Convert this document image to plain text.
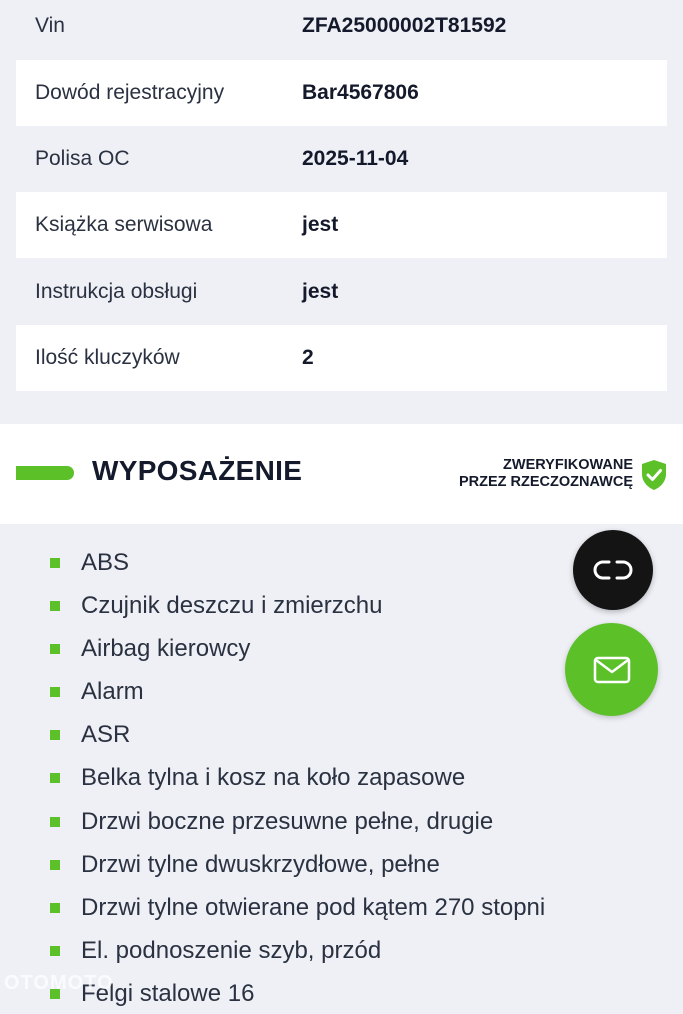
Vin	ZFA25000002T81592
Dowód rejestracyjny	Bar4567806
Polisa OC	2025-11-04
Książka serwisowa	jest
Instrukcja obsługi	jest
Ilość kluczyków	2
WYPOSAŻENIE	ZWERYFIKOWANE
PRZEZ RZECZOZNAWCĘ
ABS
Czujnik deszczu i zmierzchu
Airbag kierowcy
Alarm
ASR
Belka tylna i kosz na koło zapasowe
Drzwi boczne przesuwne pełne, drugie
Drzwi tylne dwuskrzydłowe, pełne
Drzwi tylne otwierane pod kątem 270 stopni
El. podnoszenie szyb, przód
Felgi stalowe 16
OTOMOTO
